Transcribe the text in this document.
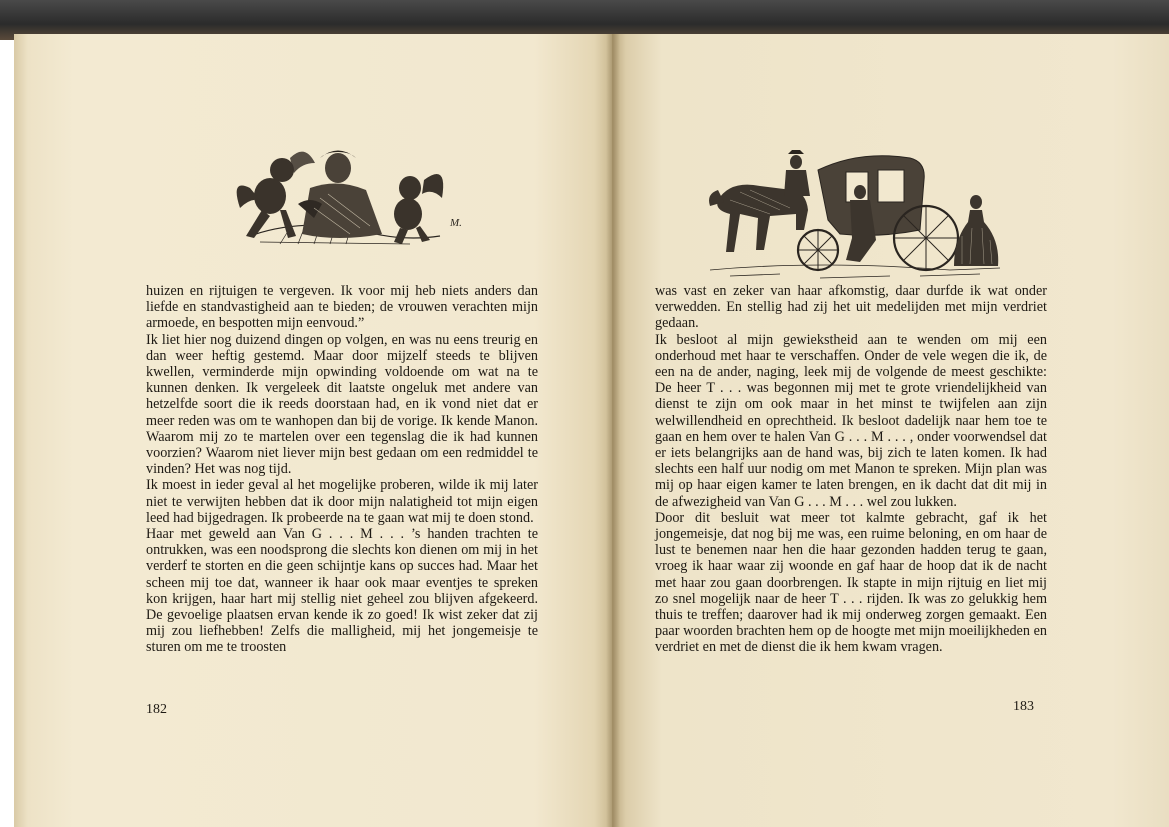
M.

huizen en rijtuigen te vergeven. Ik voor mij heb niets anders dan liefde en standvastigheid aan te bieden; de vrouwen verachten mijn armoede, en bespotten mijn eenvoud.”

Ik liet hier nog duizend dingen op volgen, en was nu eens treurig en dan weer heftig gestemd. Maar door mijzelf steeds te blijven kwellen, verminderde mijn opwinding voldoende om wat na te kunnen denken. Ik vergeleek dit laatste ongeluk met andere van hetzelfde soort die ik reeds doorstaan had, en ik vond niet dat er meer reden was om te wanhopen dan bij de vorige. Ik kende Manon. Waarom mij zo te martelen over een tegenslag die ik had kunnen voorzien? Waarom niet liever mijn best gedaan om een redmiddel te vinden? Het was nog tijd.

Ik moest in ieder geval al het mogelijke proberen, wilde ik mij later niet te verwijten hebben dat ik door mijn nalatigheid tot mijn eigen leed had bijgedragen. Ik probeerde na te gaan wat mij te doen stond.

Haar met geweld aan Van G . . . M . . . ’s handen trachten te ontrukken, was een noodsprong die slechts kon dienen om mij in het verderf te storten en die geen schijntje kans op succes had. Maar het scheen mij toe dat, wanneer ik haar ook maar eventjes te spreken kon krijgen, haar hart mij stellig niet geheel zou blijven afgekeerd. De gevoelige plaatsen ervan kende ik zo goed! Ik wist zeker dat zij mij zou liefhebben! Zelfs die malligheid, mij het jongemeisje te sturen om me te troosten

was vast en zeker van haar afkomstig, daar durfde ik wat onder verwedden. En stellig had zij het uit medelijden met mijn verdriet gedaan.

Ik besloot al mijn gewiekstheid aan te wenden om mij een onderhoud met haar te verschaffen. Onder de vele wegen die ik, de een na de ander, naging, leek mij de volgende de meest geschikte: De heer T . . . was begonnen mij met te grote vriendelijkheid van dienst te zijn om ook maar in het minst te twijfelen aan zijn welwillendheid en oprechtheid. Ik besloot dadelijk naar hem toe te gaan en hem over te halen Van G . . . M . . . , onder voorwendsel dat er iets belangrijks aan de hand was, bij zich te laten komen. Ik had slechts een half uur nodig om met Manon te spreken. Mijn plan was mij op haar eigen kamer te laten brengen, en ik dacht dat dit mij in de afwezigheid van Van G . . . M . . . wel zou lukken.

Door dit besluit wat meer tot kalmte gebracht, gaf ik het jongemeisje, dat nog bij me was, een ruime beloning, en om haar de lust te benemen naar hen die haar gezonden hadden terug te gaan, vroeg ik haar waar zij woonde en gaf haar de hoop dat ik de nacht met haar zou gaan doorbrengen. Ik stapte in mijn rijtuig en liet mij zo snel mogelijk naar de heer T . . . rijden. Ik was zo gelukkig hem thuis te treffen; daarover had ik mij onderweg zorgen gemaakt. Een paar woorden brachten hem op de hoogte met mijn moeilijkheden en verdriet en met de dienst die ik hem kwam vragen.

182	183
